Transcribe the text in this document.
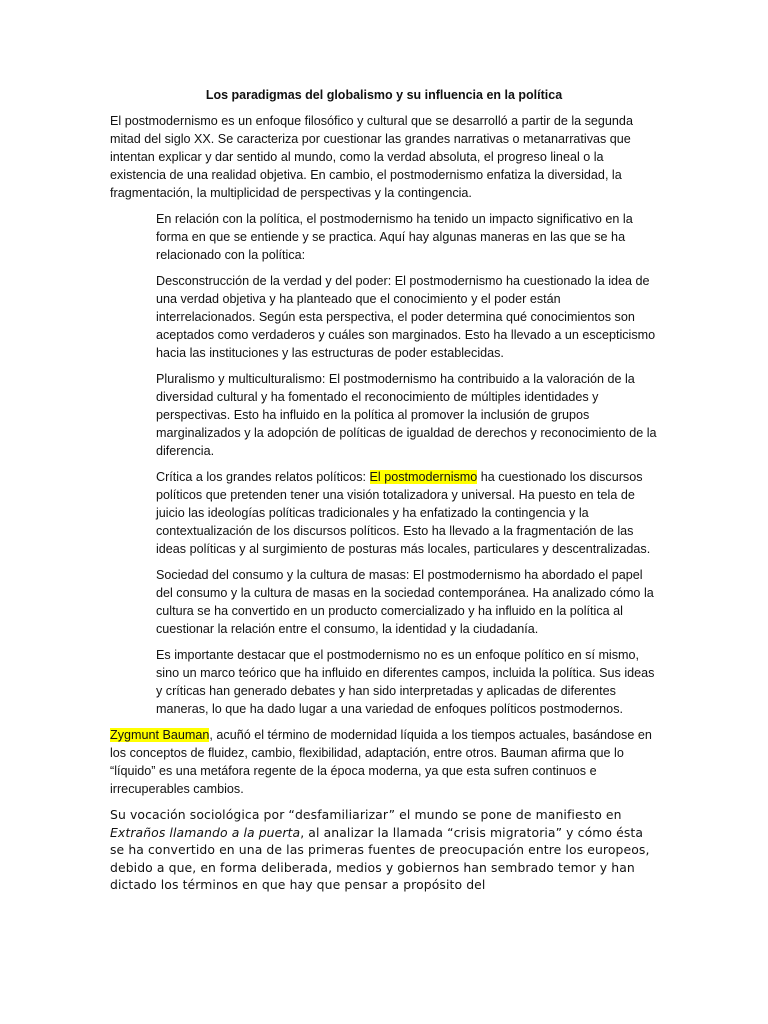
Los paradigmas del globalismo y su influencia en la política

El postmodernismo es un enfoque filosófico y cultural que se desarrolló a partir de la segunda mitad del siglo XX. Se caracteriza por cuestionar las grandes narrativas o metanarrativas que intentan explicar y dar sentido al mundo, como la verdad absoluta, el progreso lineal o la existencia de una realidad objetiva. En cambio, el postmodernismo enfatiza la diversidad, la fragmentación, la multiplicidad de perspectivas y la contingencia.

En relación con la política, el postmodernismo ha tenido un impacto significativo en la forma en que se entiende y se practica. Aquí hay algunas maneras en las que se ha relacionado con la política:

Desconstrucción de la verdad y del poder: El postmodernismo ha cuestionado la idea de una verdad objetiva y ha planteado que el conocimiento y el poder están interrelacionados. Según esta perspectiva, el poder determina qué conocimientos son aceptados como verdaderos y cuáles son marginados. Esto ha llevado a un escepticismo hacia las instituciones y las estructuras de poder establecidas.

Pluralismo y multiculturalismo: El postmodernismo ha contribuido a la valoración de la diversidad cultural y ha fomentado el reconocimiento de múltiples identidades y perspectivas. Esto ha influido en la política al promover la inclusión de grupos marginalizados y la adopción de políticas de igualdad de derechos y reconocimiento de la diferencia.

Crítica a los grandes relatos políticos: El postmodernismo ha cuestionado los discursos políticos que pretenden tener una visión totalizadora y universal. Ha puesto en tela de juicio las ideologías políticas tradicionales y ha enfatizado la contingencia y la contextualización de los discursos políticos. Esto ha llevado a la fragmentación de las ideas políticas y al surgimiento de posturas más locales, particulares y descentralizadas.

Sociedad del consumo y la cultura de masas: El postmodernismo ha abordado el papel del consumo y la cultura de masas en la sociedad contemporánea. Ha analizado cómo la cultura se ha convertido en un producto comercializado y ha influido en la política al cuestionar la relación entre el consumo, la identidad y la ciudadanía.

Es importante destacar que el postmodernismo no es un enfoque político en sí mismo, sino un marco teórico que ha influido en diferentes campos, incluida la política. Sus ideas y críticas han generado debates y han sido interpretadas y aplicadas de diferentes maneras, lo que ha dado lugar a una variedad de enfoques políticos postmodernos.

Zygmunt Bauman, acuñó el término de modernidad líquida a los tiempos actuales, basándose en los conceptos de fluidez, cambio, flexibilidad, adaptación, entre otros. Bauman afirma que lo “líquido” es una metáfora regente de la época moderna, ya que esta sufren continuos e irrecuperables cambios.

Su vocación sociológica por “desfamiliarizar” el mundo se pone de manifiesto en Extraños llamando a la puerta, al analizar la llamada “crisis migratoria” y cómo ésta se ha convertido en una de las primeras fuentes de preocupación entre los europeos, debido a que, en forma deliberada, medios y gobiernos han sembrado temor y han dictado los términos en que hay que pensar a propósito del
